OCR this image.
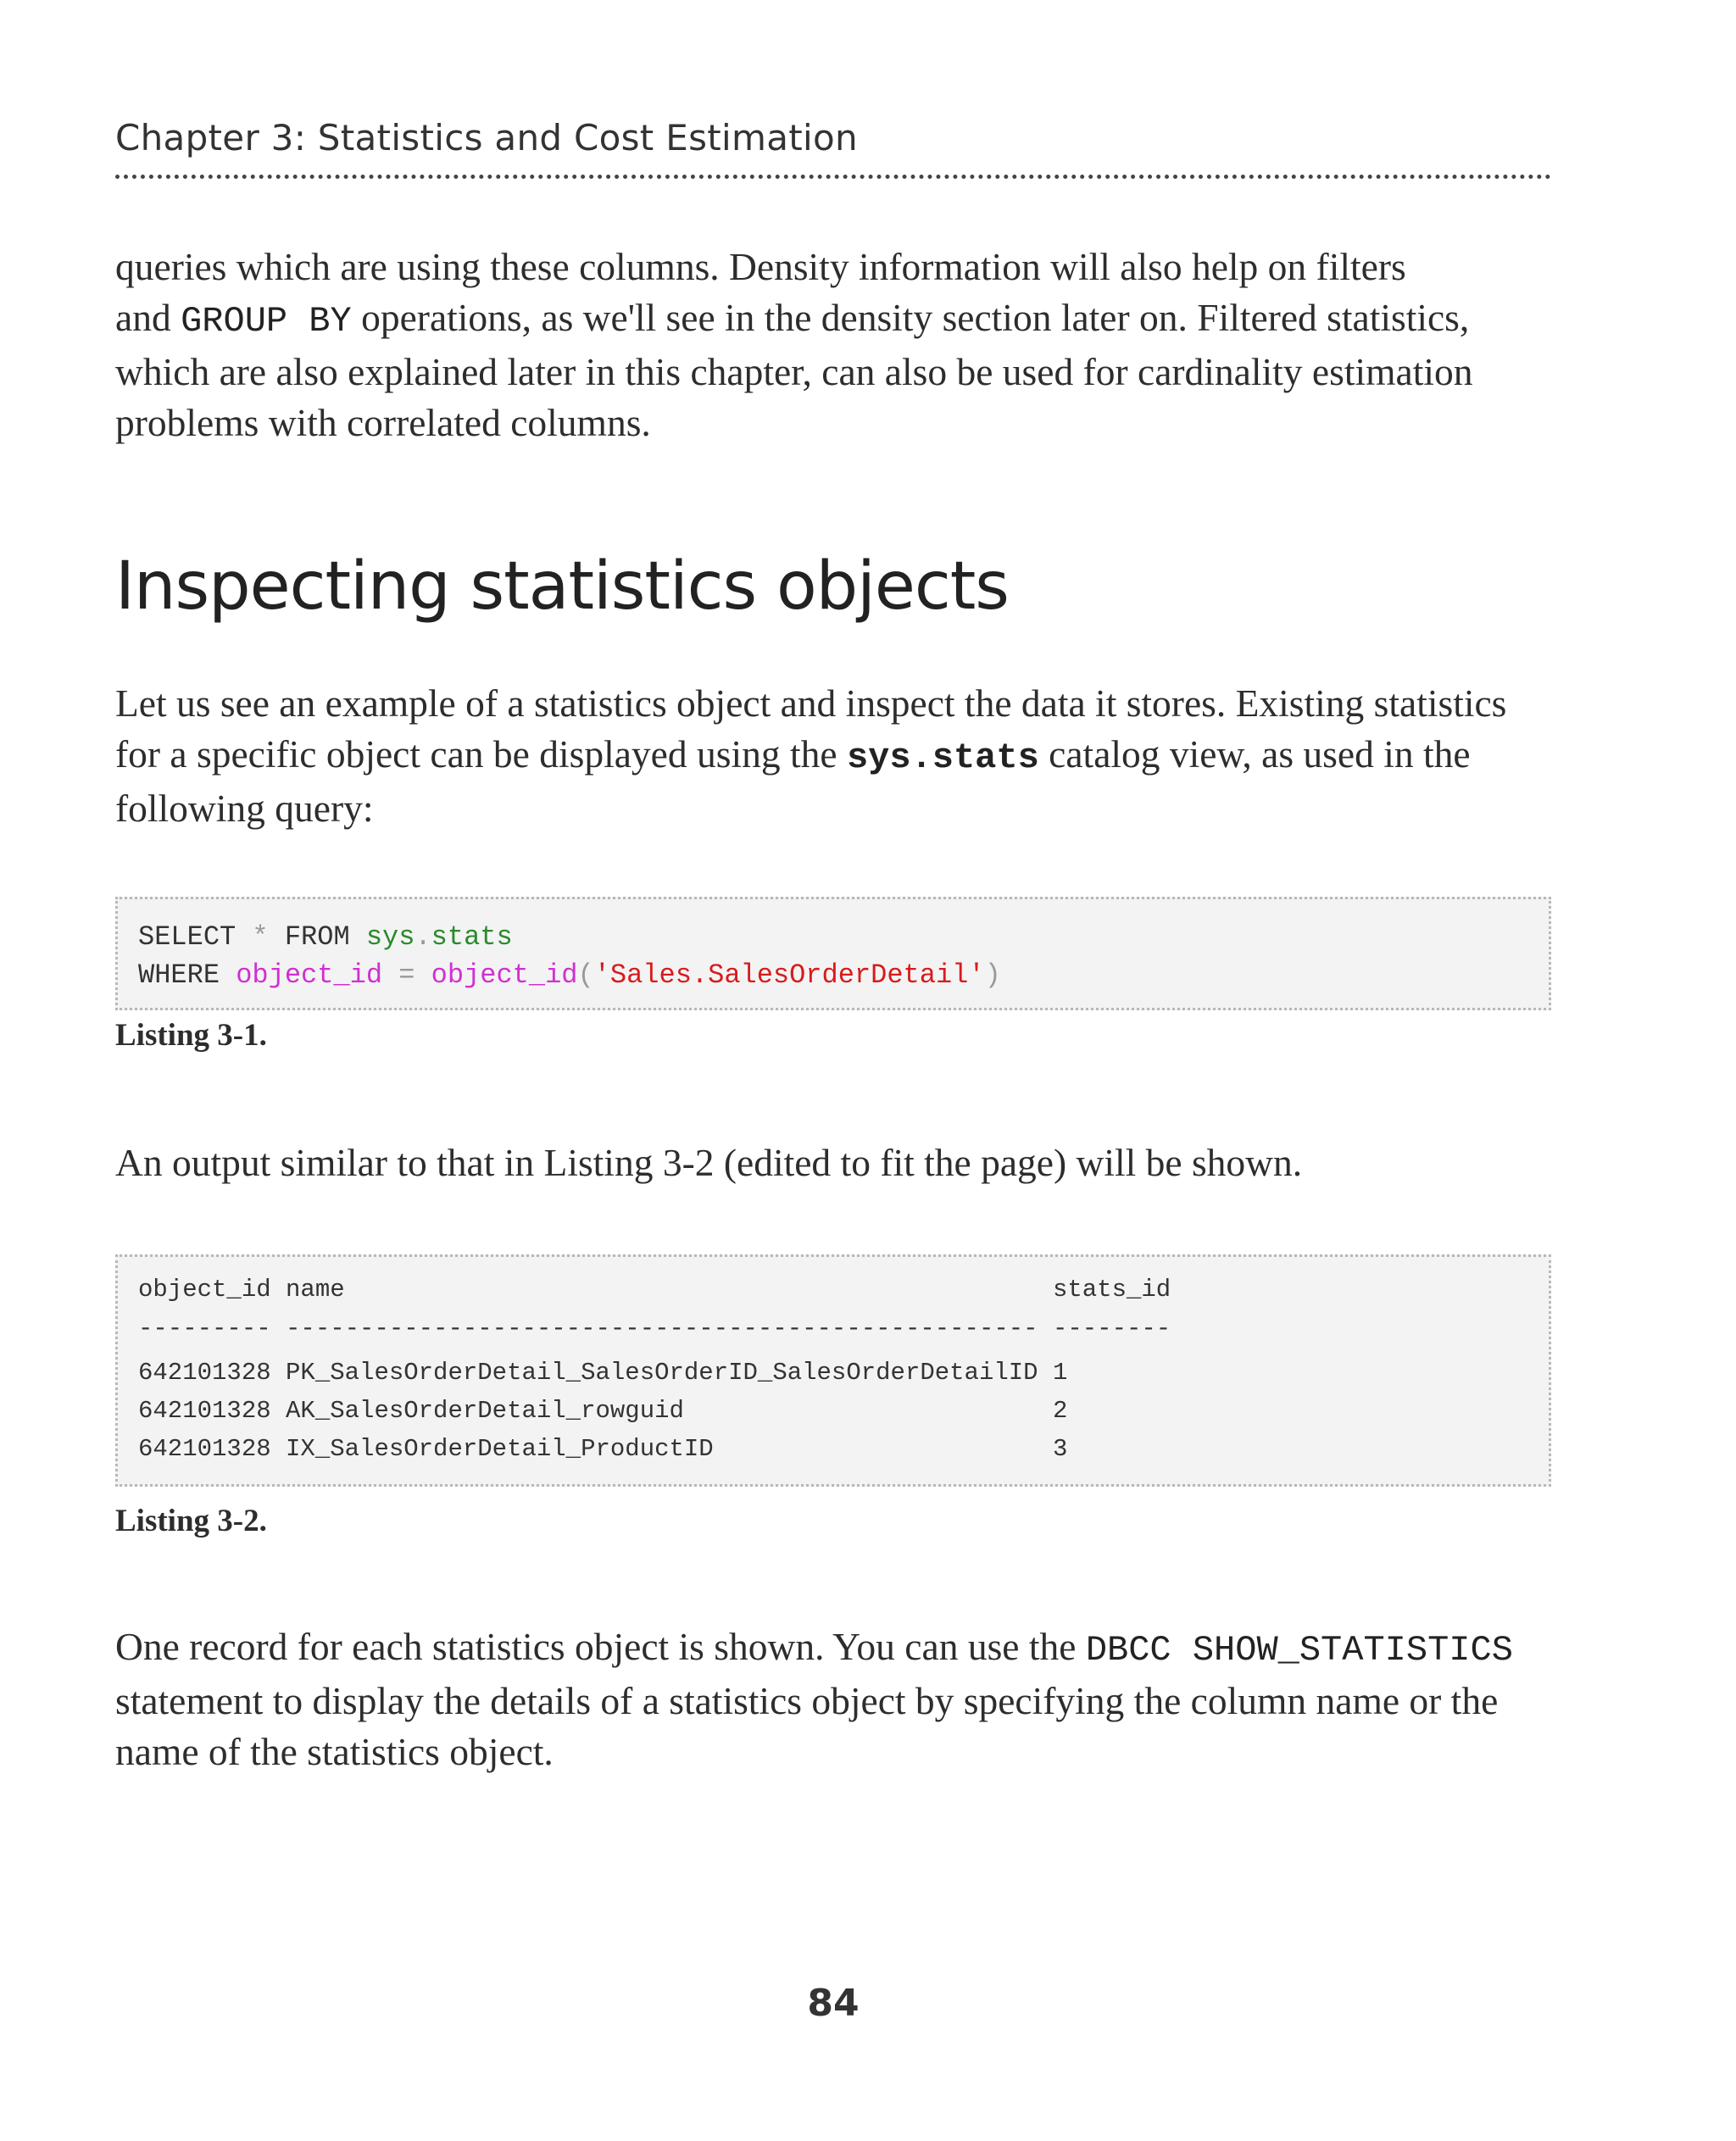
Chapter 3: Statistics and Cost Estimation

queries which are using these columns. Density information will also help on filters
and GROUP BY operations, as we'll see in the density section later on. Filtered statistics,
which are also explained later in this chapter, can also be used for cardinality estimation
problems with correlated columns.

Inspecting statistics objects

Let us see an example of a statistics object and inspect the data it stores. Existing statistics
for a specific object can be displayed using the sys.stats catalog view, as used in the
following query:

SELECT * FROM sys.stats

WHERE object_id = object_id('Sales.SalesOrderDetail')

Listing 3-1.

An output similar to that in Listing 3-2 (edited to fit the page) will be shown.

object_id name                                                stats_id

--------- --------------------------------------------------- --------

642101328 PK_SalesOrderDetail_SalesOrderID_SalesOrderDetailID 1

642101328 AK_SalesOrderDetail_rowguid                         2

642101328 IX_SalesOrderDetail_ProductID                       3

Listing 3-2.

One record for each statistics object is shown. You can use the DBCC SHOW_STATISTICS
statement to display the details of a statistics object by specifying the column name or the
name of the statistics object.

84
